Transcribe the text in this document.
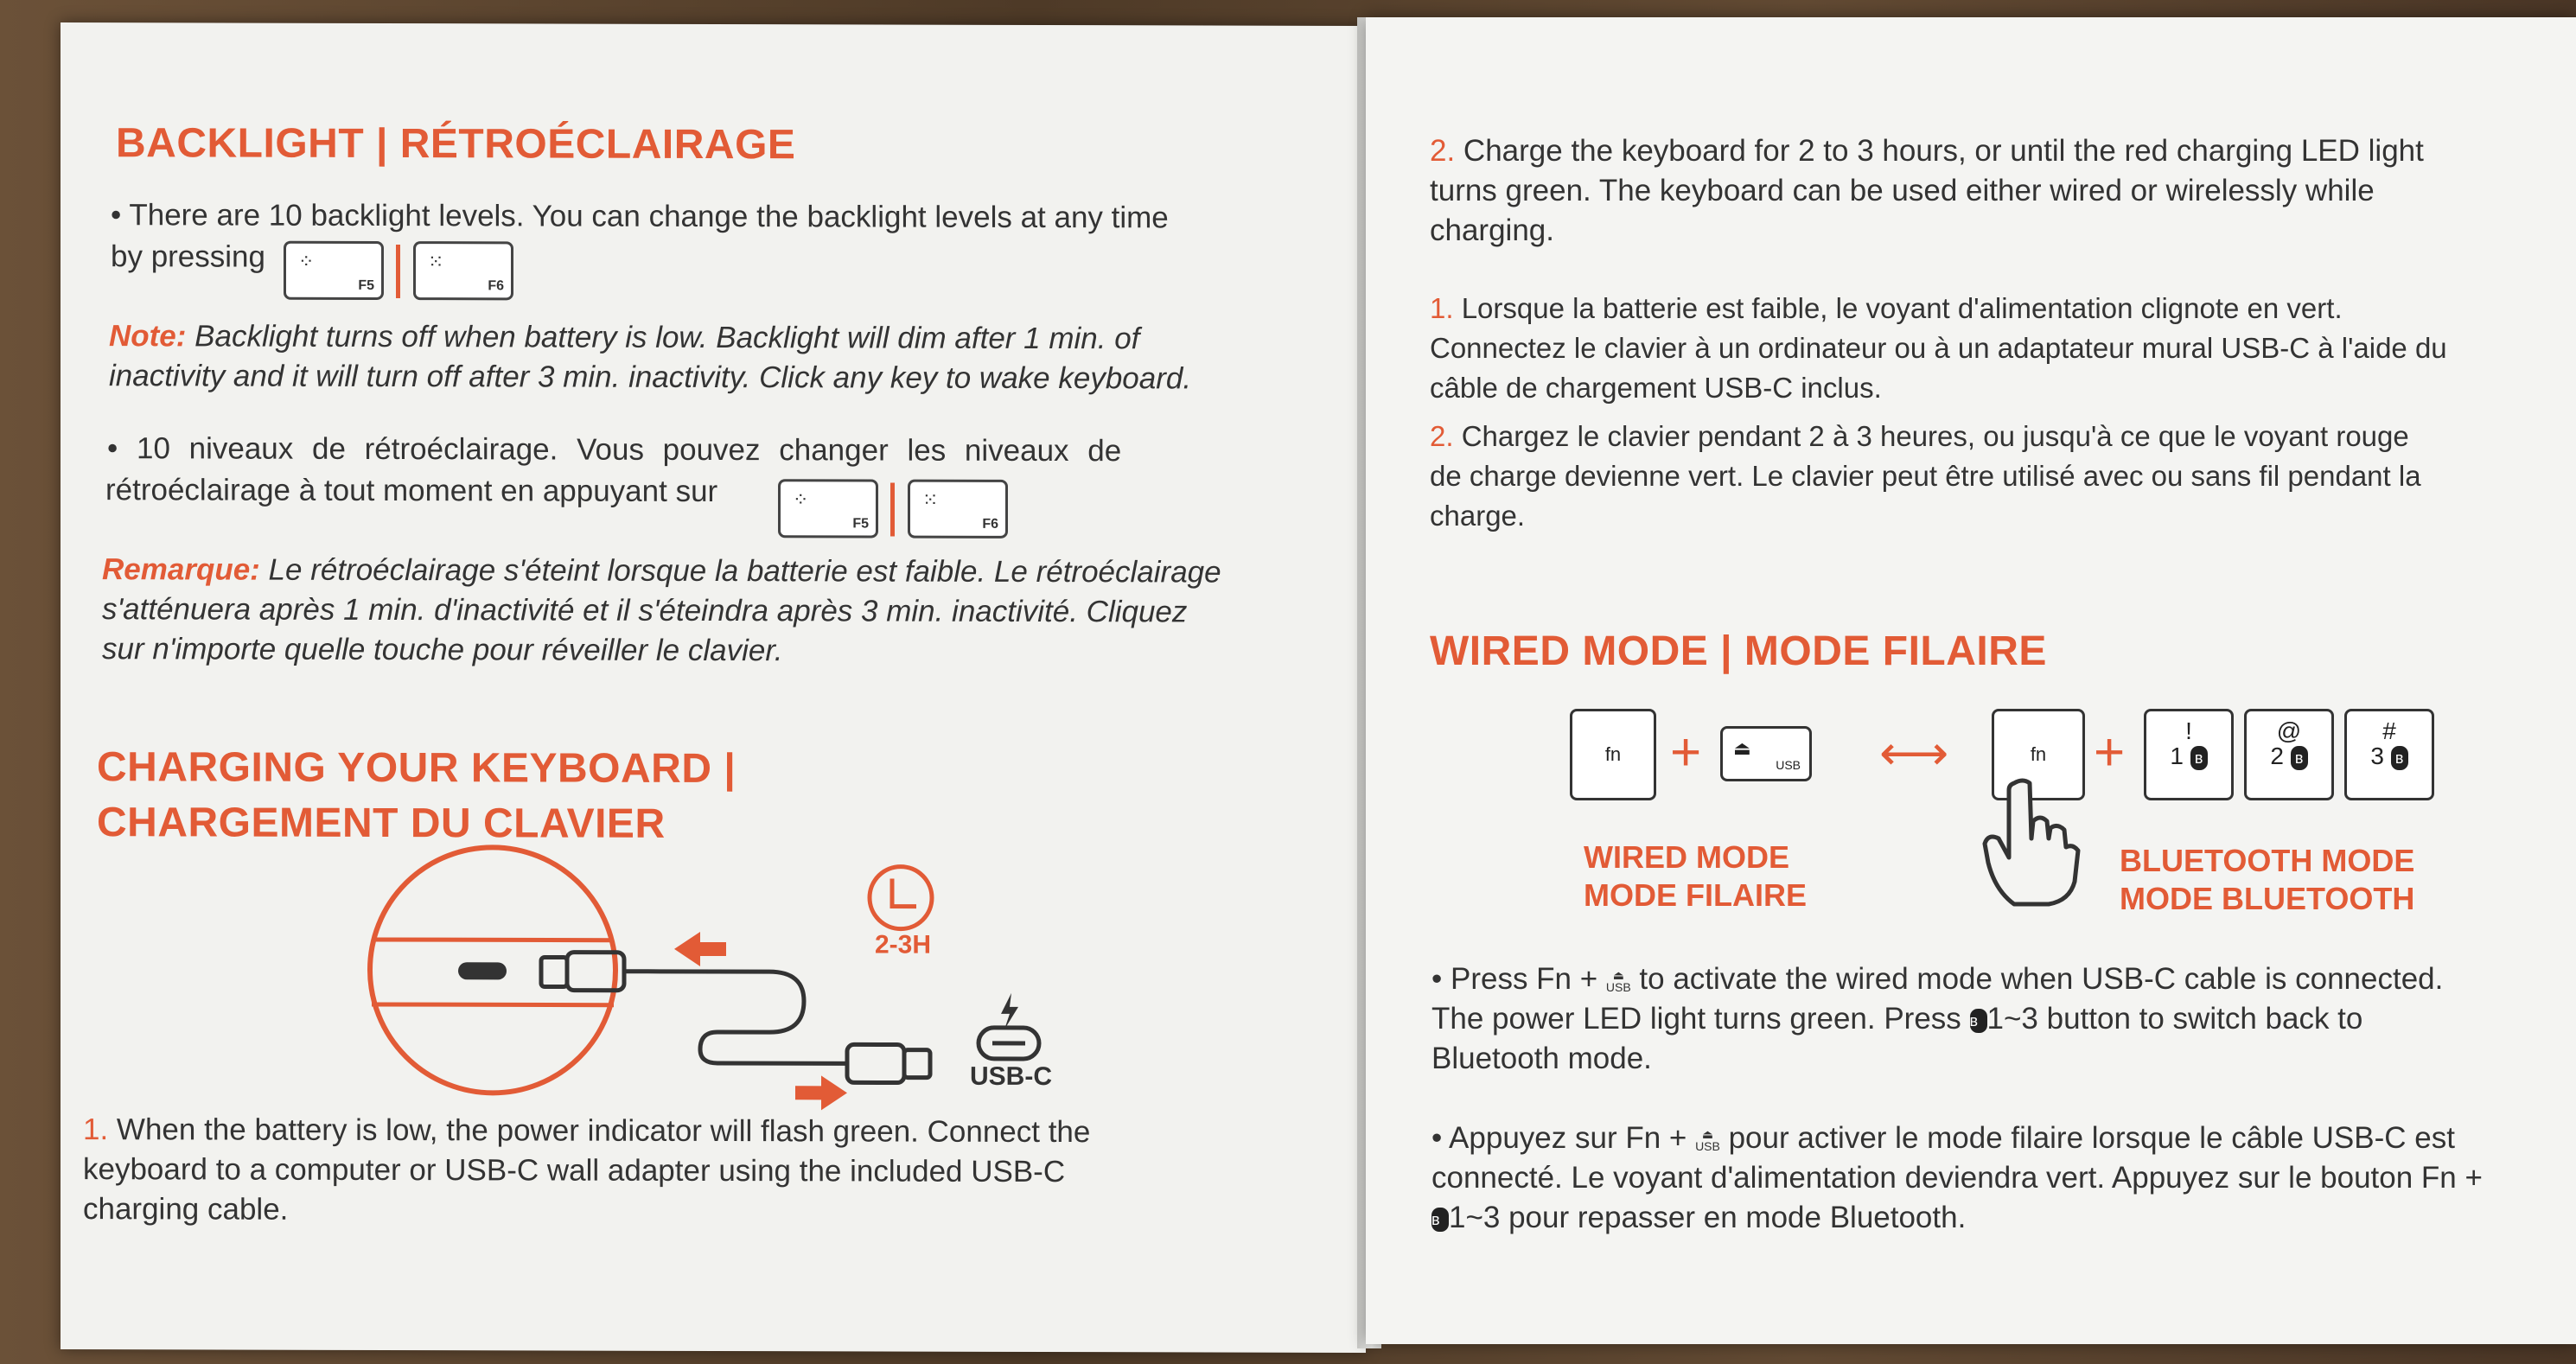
BACKLIGHT | RÉTROÉCLAIRAGE
• There are 10 backlight levels. You can change the backlight levels at any time
by pressing ⁘
F5
⁙
F6
Note: Backlight turns off when battery is low. Backlight will dim after 1 min. of
inactivity and it will turn off after 3 min. inactivity. Click any key to wake keyboard.
• 10 niveaux de rétroéclairage. Vous pouvez changer les niveaux de
rétroéclairage à tout moment en appuyant sur	⁘
F5
⁙
F6
Remarque: Le rétroéclairage s'éteint lorsque la batterie est faible. Le rétroéclairage
s'atténuera après 1 min. d'inactivité et il s'éteindra après 3 min. inactivité. Cliquez
sur n'importe quelle touche pour réveiller le clavier.
CHARGING YOUR KEYBOARD |
CHARGEMENT DU CLAVIER
2-3H
USB-C
1. When the battery is low, the power indicator will flash green. Connect the
keyboard to a computer or USB-C wall adapter using the included USB-C
charging cable.
2. Charge the keyboard for 2 to 3 hours, or until the red charging LED light
turns green. The keyboard can be used either wired or wirelessly while
charging.
1. Lorsque la batterie est faible, le voyant d'alimentation clignote en vert.
Connectez le clavier à un ordinateur ou à un adaptateur mural USB-C à l'aide du
câble de chargement USB-C inclus.
2. Chargez le clavier pendant 2 à 3 heures, ou jusqu'à ce que le voyant rouge
de charge devienne vert. Le clavier peut être utilisé avec ou sans fil pendant la
charge.
WIRED MODE | MODE FILAIRE
fn + ⏏
USB ⟷	fn +	!
1 ʙ
@
2 ʙ
#
3 ʙ
WIRED MODE
MODE FILAIRE
BLUETOOTH MODE
MODE BLUETOOTH
• Press Fn + ⏏
USB to activate the wired mode when USB-C cable is connected.
The power LED light turns green. Press ʙ 1~3 button to switch back to
Bluetooth mode.
• Appuyez sur Fn + ⏏
USB pour activer le mode filaire lorsque le câble USB-C est
connecté. Le voyant d'alimentation deviendra vert. Appuyez sur le bouton Fn +
ʙ 1~3 pour repasser en mode Bluetooth.
